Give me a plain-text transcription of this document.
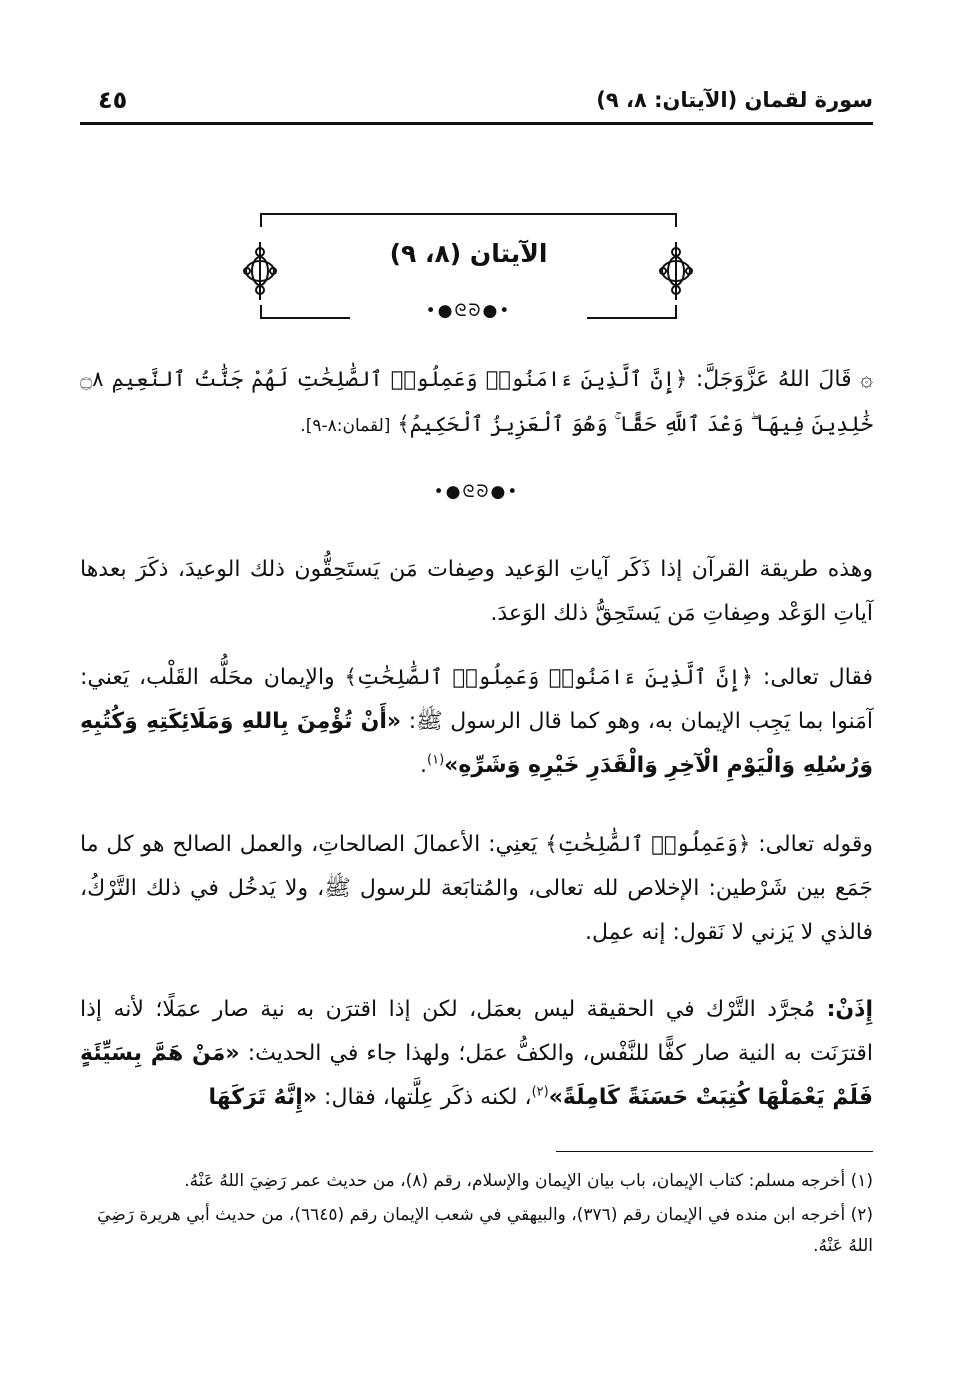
سورة لقمان (الآيتان: ٨، ٩)
٤٥
الآيتان (٨، ٩)
•●ᘓᘐ●•
۞ قَالَ اللهُ عَزَّوَجَلَّ: ﴿إِنَّ ٱلَّذِينَ ءَامَنُوا۟ وَعَمِلُوا۟ ٱلصَّٰلِحَٰتِ لَهُمْ جَنَّٰتُ ٱلنَّعِيمِ ۝٨ خَٰلِدِينَ فِيهَا ۖ وَعْدَ ٱللَّهِ حَقًّا ۚ وَهُوَ ٱلْعَزِيزُ ٱلْحَكِيمُ﴾ [لقمان:٨-٩].
•●ᘓᘐ●•
وهذه طريقة القرآن إذا ذَكَر آياتِ الوَعيد وصِفات مَن يَستَحِقُّون ذلك الوعيدَ، ذكَرَ بعدها آياتِ الوَعْد وصِفاتِ مَن يَستَحِقُّ ذلك الوَعدَ.
فقال تعالى: ﴿إِنَّ ٱلَّذِينَ ءَامَنُوا۟ وَعَمِلُوا۟ ٱلصَّٰلِحَٰتِ﴾ والإيمان محَلُّه القَلْب، يَعني: آمَنوا بما يَجِب الإيمان به، وهو كما قال الرسول ﷺ: «أَنْ تُؤْمِنَ بِاللهِ وَمَلَائِكَتِهِ وَكُتُبِهِ وَرُسُلِهِ وَالْيَوْمِ الْآخِرِ وَالْقَدَرِ خَيْرِهِ وَشَرِّهِ»$^{(١)}$.
وقوله تعالى: ﴿وَعَمِلُوا۟ ٱلصَّٰلِحَٰتِ﴾ يَعنِي: الأعمالَ الصالحاتِ، والعمل الصالح هو كل ما جَمَع بين شَرْطين: الإخلاص لله تعالى، والمُتابَعة للرسول ﷺ، ولا يَدخُل في ذلك التَّرْكُ، فالذي لا يَزني لا نَقول: إنه عمِل.
إِذَنْ: مُجرَّد التَّرْك في الحقيقة ليس بعمَل، لكن إذا اقترَن به نية صار عمَلًا؛ لأنه إذا اقترَنَت به النية صار كفًّا للنَّفْس، والكفُّ عمَل؛ ولهذا جاء في الحديث: «مَنْ هَمَّ بِسَيِّئَةٍ فَلَمْ يَعْمَلْهَا كُتِبَتْ حَسَنَةً كَامِلَةً»$^{(٢)}$، لكنه ذكَر عِلَّتها، فقال: «إِنَّهُ تَرَكَهَا
(١) أخرجه مسلم: كتاب الإيمان، باب بيان الإيمان والإسلام، رقم (٨)، من حديث عمر رَضِيَ اللهُ عَنْهُ.
(٢) أخرجه ابن منده في الإيمان رقم (٣٧٦)، والبيهقي في شعب الإيمان رقم (٦٦٤٥)، من حديث أبي هريرة رَضِيَ اللهُ عَنْهُ.
